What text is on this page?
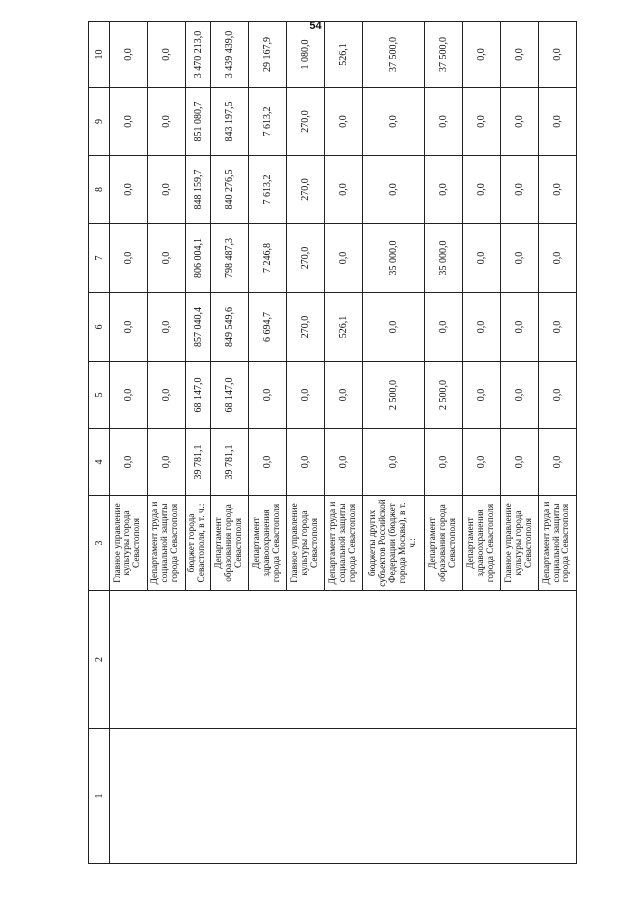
54
1	2	3	4	5	6	7	8	9	10
		Главное управление культуры города Севастополя	0,0	0,0	0,0	0,0	0,0	0,0	0,0
		Департамент труда и социальной защиты города Севастополя	0,0	0,0	0,0	0,0	0,0	0,0	0,0
		бюджет города Севастополя, в т. ч.:	39 781,1	68 147,0	857 040,4	806 004,1	848 159,7	851 080,7	3 470 213,0
		Департамент образования города Севастополя	39 781,1	68 147,0	849 549,6	798 487,3	840 276,5	843 197,5	3 439 439,0
		Департамент здравоохранения города Севастополя	0,0	0,0	6 694,7	7 246,8	7 613,2	7 613,2	29 167,9
		Главное управление культуры города Севастополя	0,0	0,0	270,0	270,0	270,0	270,0	1 080,0
		Департамент труда и социальной защиты города Севастополя	0,0	0,0	526,1	0,0	0,0	0,0	526,1
		бюджеты других субъектов Российской Федерации (бюджет города Москвы), в т. ч.:	0,0	2 500,0	0,0	35 000,0	0,0	0,0	37 500,0
		Департамент образования города Севастополя	0,0	2 500,0	0,0	35 000,0	0,0	0,0	37 500,0
		Департамент здравоохранения города Севастополя	0,0	0,0	0,0	0,0	0,0	0,0	0,0
		Главное управление культуры города Севастополя	0,0	0,0	0,0	0,0	0,0	0,0	0,0
		Департамент труда и социальной защиты города Севастополя	0,0	0,0	0,0	0,0	0,0	0,0	0,0
